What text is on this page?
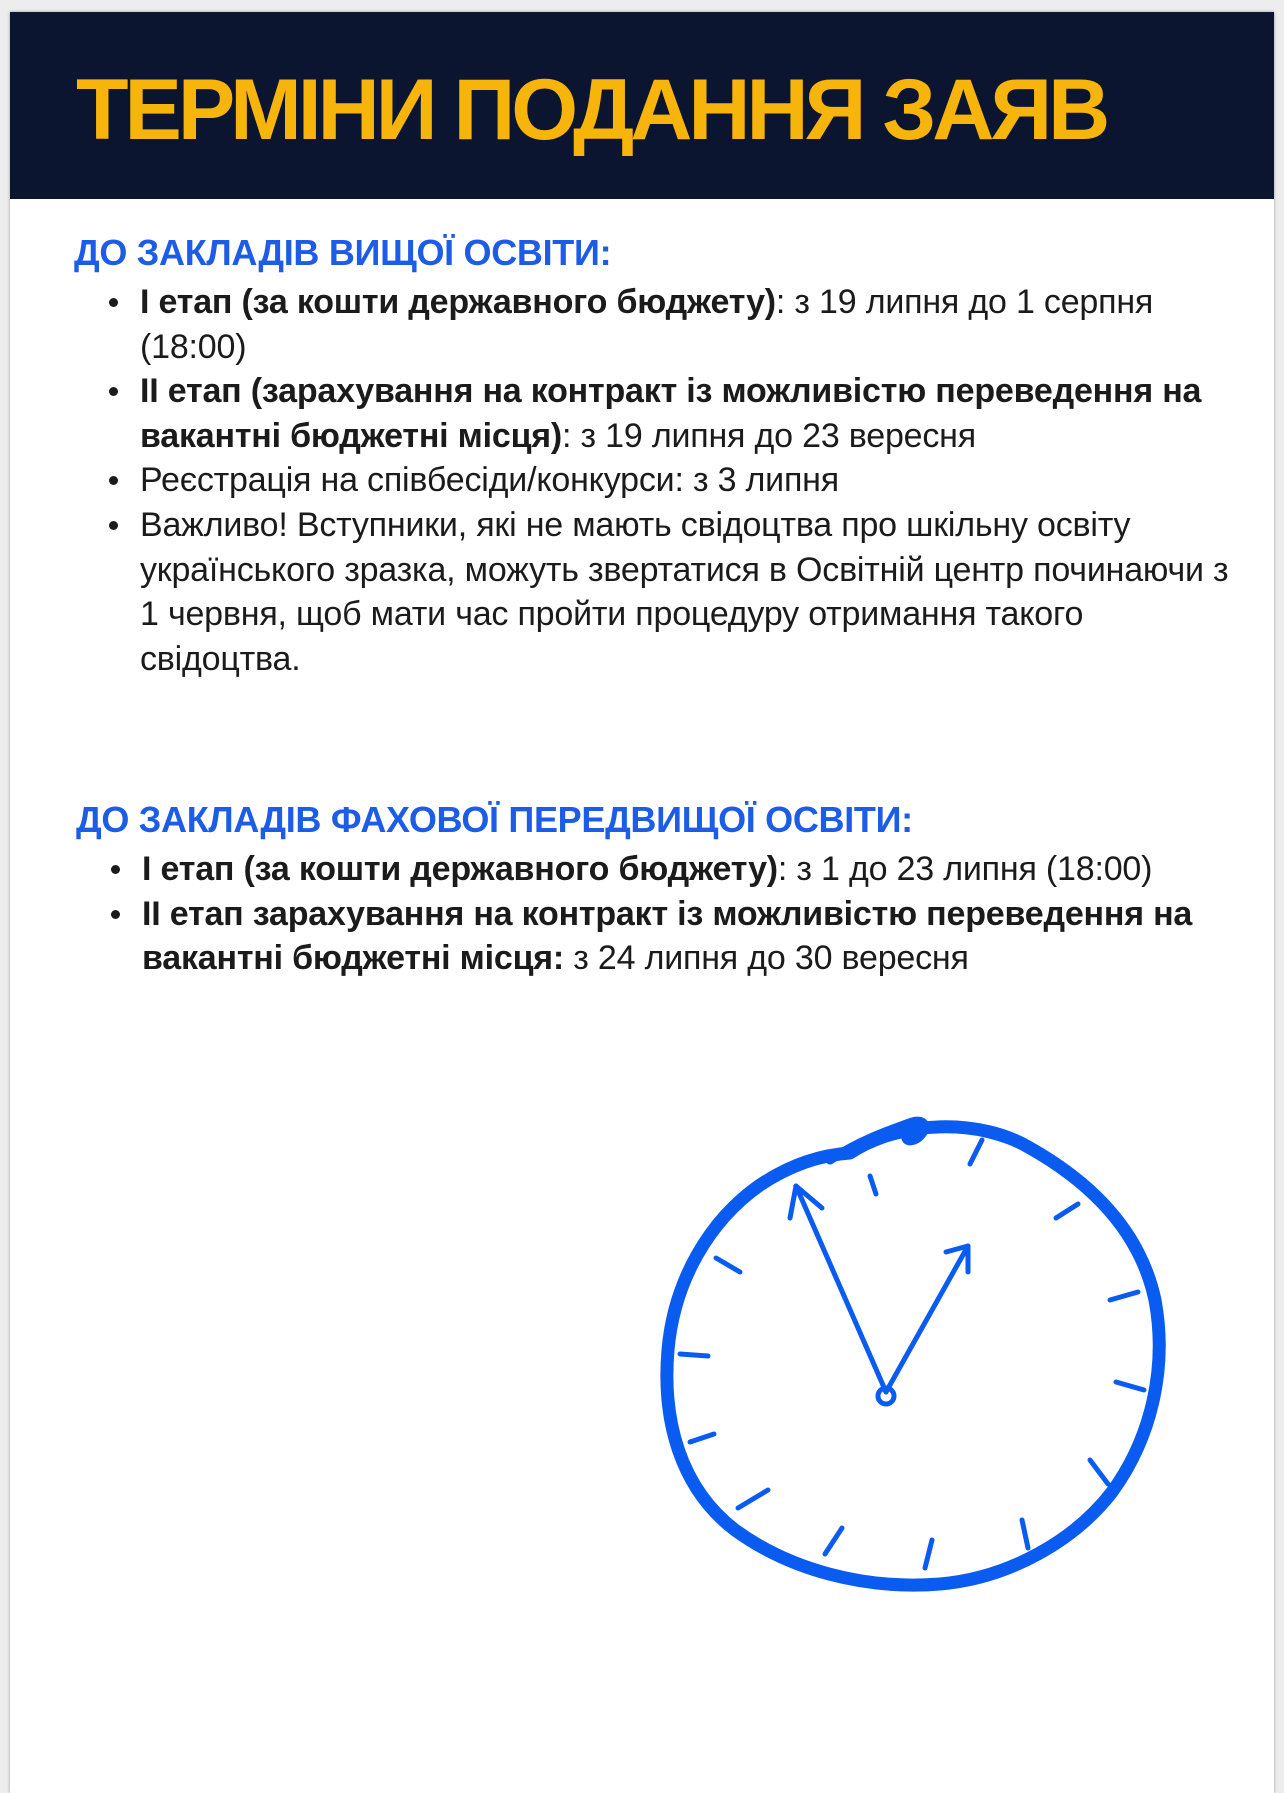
ТЕРМІНИ ПОДАННЯ ЗАЯВ
ДО ЗАКЛАДІВ ВИЩОЇ ОСВІТИ:
І етап (за кошти державного бюджету): з 19 липня до 1 серпня (18:00)
ІІ етап (зарахування на контракт із можливістю переведення на вакантні бюджетні місця): з 19 липня до 23 вересня
Реєстрація на співбесіди/конкурси: з 3 липня
Важливо! Вступники, які не мають свідоцтва про шкільну освіту українського зразка, можуть звертатися в Освітній центр починаючи з 1 червня, щоб мати час пройти процедуру отримання такого свідоцтва.
ДО ЗАКЛАДІВ ФАХОВОЇ ПЕРЕДВИЩОЇ ОСВІТИ:
І етап (за кошти державного бюджету): з 1 до 23 липня (18:00)
ІІ етап зарахування на контракт із можливістю переведення на вакантні бюджетні місця: з 24 липня до 30 вересня
